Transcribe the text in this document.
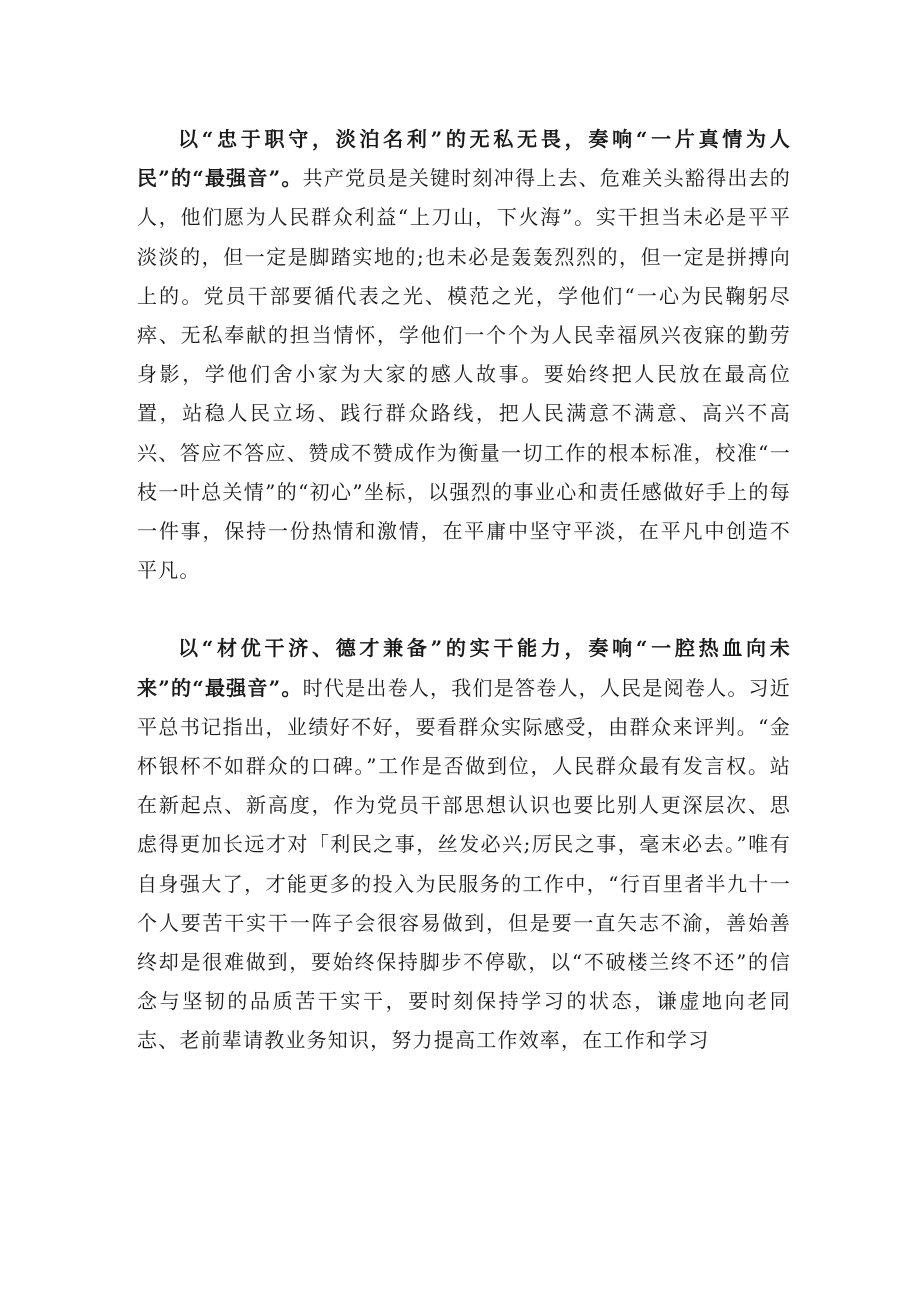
以“忠于职守，淡泊名利”的无私无畏，奏响“一片真情为人民”的“最强音”。共产党员是关键时刻冲得上去、危难关头豁得出去的人，他们愿为人民群众利益“上刀山，下火海”。实干担当未必是平平淡淡的，但一定是脚踏实地的;也未必是轰轰烈烈的，但一定是拼搏向上的。党员干部要循代表之光、模范之光，学他们“一心为民鞠躬尽瘁、无私奉献的担当情怀，学他们一个个为人民幸福夙兴夜寐的勤劳身影，学他们舍小家为大家的感人故事。要始终把人民放在最高位置，站稳人民立场、践行群众路线，把人民满意不满意、高兴不高兴、答应不答应、赞成不赞成作为衡量一切工作的根本标准，校准“一枝一叶总关情”的“初心”坐标，以强烈的事业心和责任感做好手上的每一件事，保持一份热情和激情，在平庸中坚守平淡，在平凡中创造不平凡。

以“材优干济、德才兼备”的实干能力，奏响“一腔热血向未来”的“最强音”。时代是出卷人，我们是答卷人，人民是阅卷人。习近平总书记指出，业绩好不好，要看群众实际感受，由群众来评判。“金杯银杯不如群众的口碑。”工作是否做到位，人民群众最有发言权。站在新起点、新高度，作为党员干部思想认识也要比别人更深层次、思虑得更加长远才对「利民之事，丝发必兴;厉民之事，毫末必去。”唯有自身强大了，才能更多的投入为民服务的工作中，“行百里者半九十一个人要苦干实干一阵子会很容易做到，但是要一直矢志不渝，善始善终却是很难做到，要始终保持脚步不停歇，以“不破楼兰终不还”的信念与坚韧的品质苦干实干，要时刻保持学习的状态，谦虚地向老同志、老前辈请教业务知识，努力提高工作效率，在工作和学习
